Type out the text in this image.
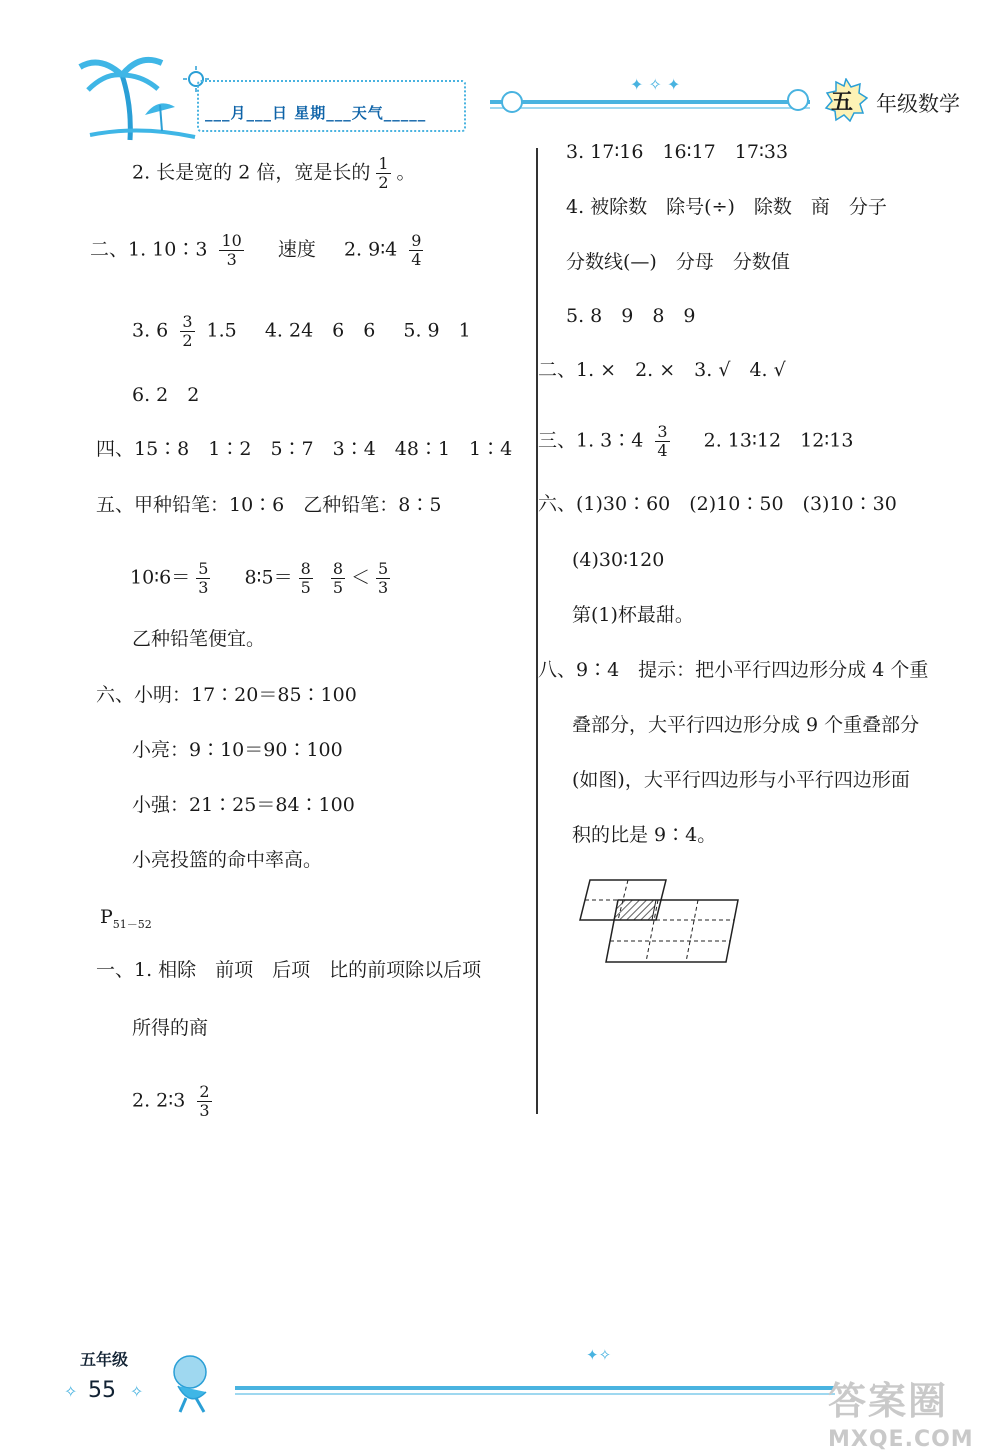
___月___日 星期___天气_____
✦ ✧ ✦
五 年级数学
2. 长是宽的 2 倍，宽是长的 $\frac{1}{2}$ 。
二、1. 10∶3 $\frac{10}{3}$ 速度 2. 9∶4 $\frac{9}{4}$
3. $6 \frac{3}{2} 1.5$ 4. 24　6　6 5. 9　1
6. 2　2
四、15∶8　1∶2　5∶7　3∶4　48∶1　1∶4
五、甲种铅笔：10∶6　乙种铅笔：8∶5
10∶6＝ $\frac{5}{3}$ 8∶5＝ $\frac{8}{5}$
$\frac{8}{5} < \frac{5}{3}$
乙种铅笔便宜。
六、小明：17∶20＝85∶100
小亮：9∶10＝90∶100
小强：21∶25＝84∶100
小亮投篮的命中率高。
$P_{51-52}$
一、1. 相除　前项　后项　比的前项除以后项
所得的商
2. 2∶3 $\frac{2}{3}$
3. 17∶16　16∶17　17∶33
4. 被除数　除号(÷)　除数　商　分子
分数线(—)　分母　分数值
5. 8　9　8　9
二、1. ×　2. ×　3. √　4. √
三、1. 3∶4 $\frac{3}{4} 2$. 13∶12　12∶13
六、(1)30∶60　(2)10∶50　(3)10∶30
(4)30∶120
第(1)杯最甜。
八、9∶4　提示：把小平行四边形分成 4 个重
叠部分，大平行四边形分成 9 个重叠部分
(如图)，大平行四边形与小平行四边形面
积的比是 9∶4。
五年级
✧ 55 ✧
✦✧
答案圈
MXQE.COM
